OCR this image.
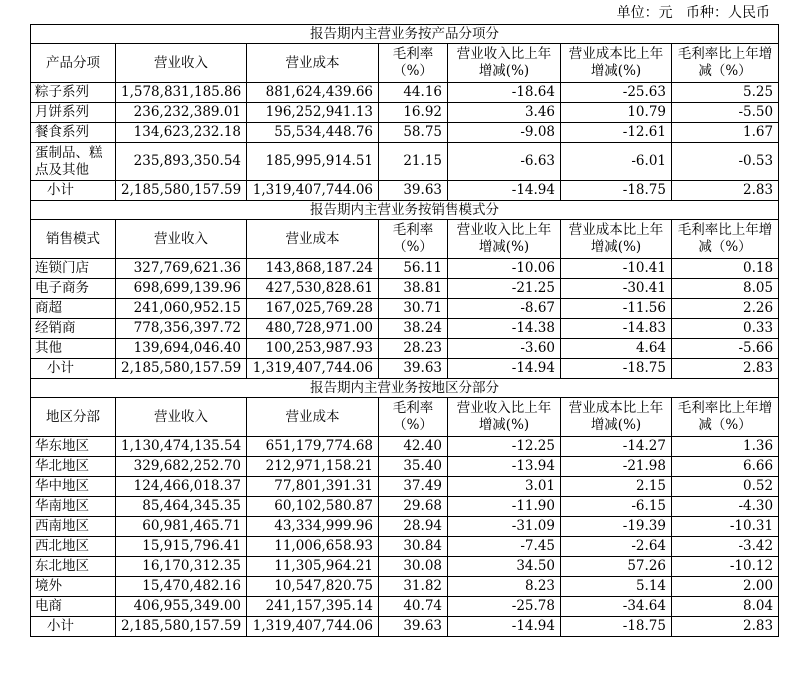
单位：元   币种：人民币
报告期内主营业务按产品分项分						
产品分项	营业收入	营业成本	毛利率（%）	营业收入比上年增减(%)	营业成本比上年增减(%)	毛利率比上年增减（%）
粽子系列	1,578,831,185.86	881,624,439.66	44.16	-18.64	-25.63	5.25
月饼系列	236,232,389.01	196,252,941.13	16.92	3.46	10.79	-5.50
餐食系列	134,623,232.18	55,534,448.76	58.75	-9.08	-12.61	1.67
蛋制品、糕点及其他	235,893,350.54	185,995,914.51	21.15	-6.63	-6.01	-0.53
小计	2,185,580,157.59	1,319,407,744.06	39.63	-14.94	-18.75	2.83
报告期内主营业务按销售模式分						
销售模式	营业收入	营业成本	毛利率（%）	营业收入比上年增减(%)	营业成本比上年增减(%)	毛利率比上年增减（%）
连锁门店	327,769,621.36	143,868,187.24	56.11	-10.06	-10.41	0.18
电子商务	698,699,139.96	427,530,828.61	38.81	-21.25	-30.41	8.05
商超	241,060,952.15	167,025,769.28	30.71	-8.67	-11.56	2.26
经销商	778,356,397.72	480,728,971.00	38.24	-14.38	-14.83	0.33
其他	139,694,046.40	100,253,987.93	28.23	-3.60	4.64	-5.66
小计	2,185,580,157.59	1,319,407,744.06	39.63	-14.94	-18.75	2.83
报告期内主营业务按地区分部分						
地区分部	营业收入	营业成本	毛利率（%）	营业收入比上年增减(%)	营业成本比上年增减(%)	毛利率比上年增减（%）
华东地区	1,130,474,135.54	651,179,774.68	42.40	-12.25	-14.27	1.36
华北地区	329,682,252.70	212,971,158.21	35.40	-13.94	-21.98	6.66
华中地区	124,466,018.37	77,801,391.31	37.49	3.01	2.15	0.52
华南地区	85,464,345.35	60,102,580.87	29.68	-11.90	-6.15	-4.30
西南地区	60,981,465.71	43,334,999.96	28.94	-31.09	-19.39	-10.31
西北地区	15,915,796.41	11,006,658.93	30.84	-7.45	-2.64	-3.42
东北地区	16,170,312.35	11,305,964.21	30.08	34.50	57.26	-10.12
境外	15,470,482.16	10,547,820.75	31.82	8.23	5.14	2.00
电商	406,955,349.00	241,157,395.14	40.74	-25.78	-34.64	8.04
小计	2,185,580,157.59	1,319,407,744.06	39.63	-14.94	-18.75	2.83
